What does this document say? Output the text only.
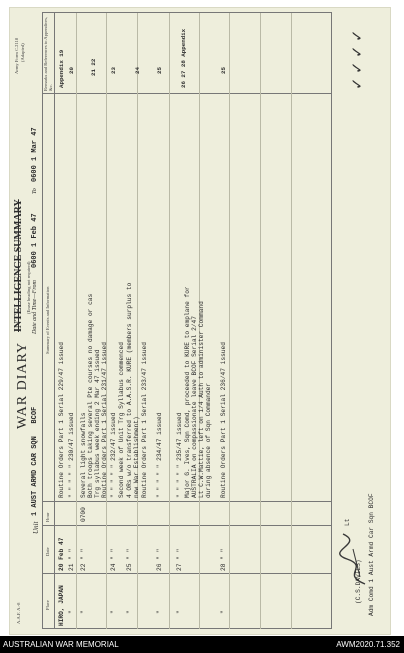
A.A.F. A.-8
Army Form C.2118 (Adapted)
WAR DIARY
INTELLIGENCE SUMMARY (Erase heading not required)
Unit
1 AUST ARMD CAR SQN   BCOF
Date and Time—From
0600 1 Feb 47
To
0600 1 Mar 47
Place
Date
Hour
Summary of Events and Information
Remarks and References to Appendices, &c.
HIRO, JAPAN
20 Feb 47
Routine Orders Part 1 Serial 229/47 issued
Appendix 19
"
21 " "
" " " " " 230/47 issued
20
"
22 " "
0700
Several light snowfalls Both troops taking several Pte courses no damage or cas Trg syllabus week ending 2 Mar 47 issued Routine Orders Part 1 Serial 231/47 issued
21 22
"
24 " "
" " " " " 232/47 issued Second week of Unit Trg Syllabus commenced
23
"
25 " "
4 ORs w/o transferred to A.A.S.R. KURE (members surplus to new War Establishment) Routine Orders Part 1 Serial 233/47 issued
24
"
26 " "
" " " " " 234/47 issued
25
"
27 " "
" " " " " 235/47 issued Major G. Ives, Sqn Comd, proceeded to KURE to emplane for AUSTRALIA on compassionate leave BCOF Serial 2/47 Lt C.W.Mattie, left on 1/4 Auth to administer Command during absence of Sqn Commander
26 27 28 Appendix
"
28 " "
Routine Orders Part 1 Serial 236/47 issued
25
✓
✓
✓
✓
(C.S.DAVIES)
Lt	Adm Comd 1 Aust Armd Car Sqn BCOF
AUSTRALIAN WAR MEMORIAL	AWM2020.71.352
